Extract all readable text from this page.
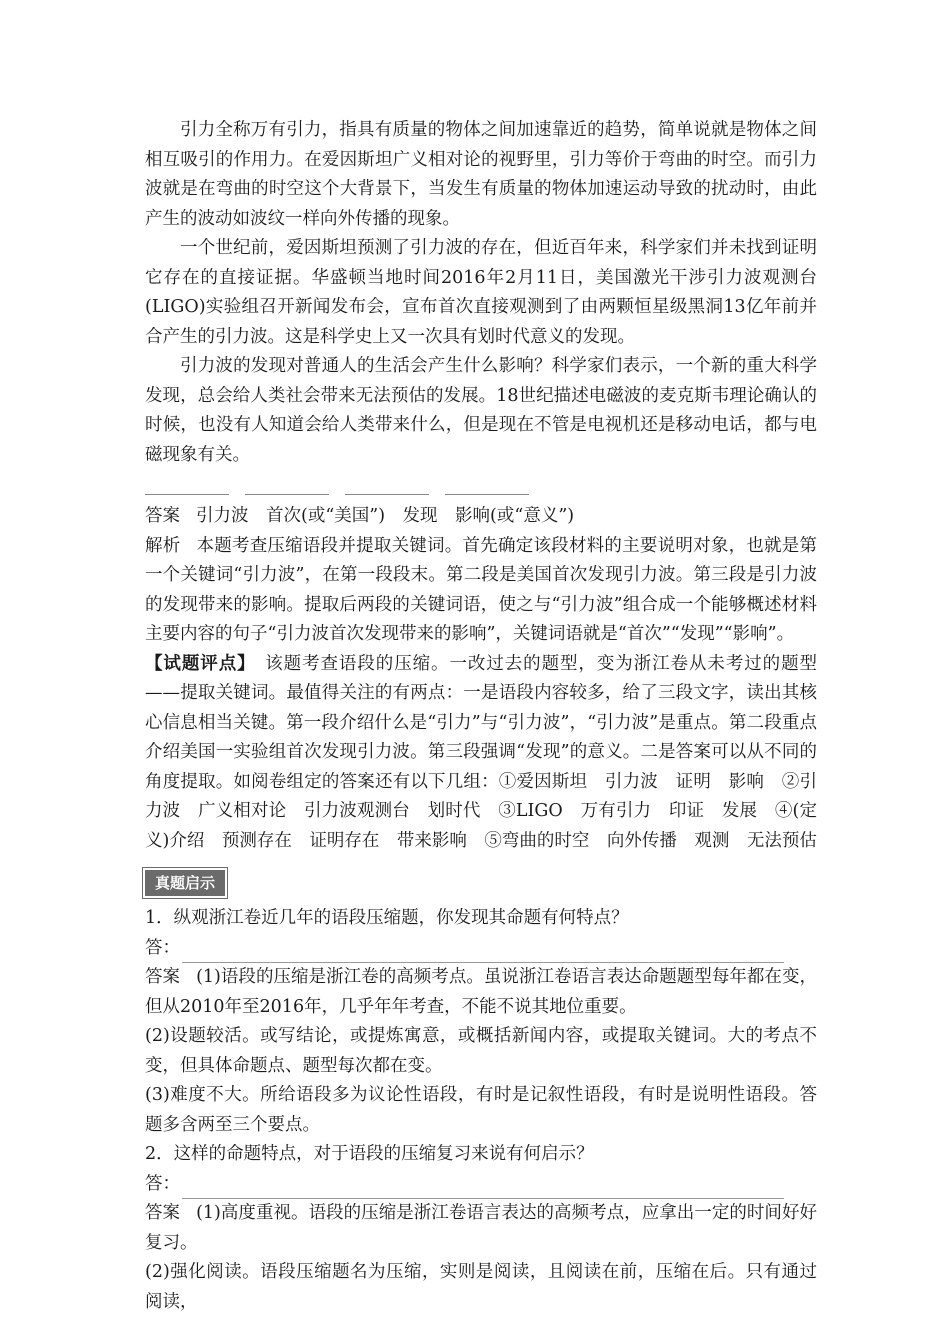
引力全称万有引力，指具有质量的物体之间加速靠近的趋势，简单说就是物体之间相互吸引的作用力。在爱因斯坦广义相对论的视野里，引力等价于弯曲的时空。而引力波就是在弯曲的时空这个大背景下，当发生有质量的物体加速运动导致的扰动时，由此产生的波动如波纹一样向外传播的现象。

一个世纪前，爱因斯坦预测了引力波的存在，但近百年来，科学家们并未找到证明它存在的直接证据。华盛顿当地时间2016年2月11日，美国激光干涉引力波观测台(LIGO)实验组召开新闻发布会，宣布首次直接观测到了由两颗恒星级黑洞13亿年前并合产生的引力波。这是科学史上又一次具有划时代意义的发现。

引力波的发现对普通人的生活会产生什么影响？科学家们表示，一个新的重大科学发现，总会给人类社会带来无法预估的发展。18世纪描述电磁波的麦克斯韦理论确认的时候，也没有人知道会给人类带来什么，但是现在不管是电视机还是移动电话，都与电磁现象有关。

答案 引力波　首次(或“美国”)　发现　影响(或“意义”)

解析 本题考查压缩语段并提取关键词。首先确定该段材料的主要说明对象，也就是第一个关键词“引力波”，在第一段段末。第二段是美国首次发现引力波。第三段是引力波的发现带来的影响。提取后两段的关键词语，使之与“引力波”组合成一个能够概述材料主要内容的句子“引力波首次发现带来的影响”，关键词语就是“首次”“发现”“影响”。

【试题评点】　 该题考查语段的压缩。一改过去的题型，变为浙江卷从未考过的题型——提取关键词。最值得关注的有两点：一是语段内容较多，给了三段文字，读出其核心信息相当关键。第一段介绍什么是“引力”与“引力波”，“引力波”是重点。第二段重点介绍美国一实验组首次发现引力波。第三段强调“发现”的意义。二是答案可以从不同的角度提取。如阅卷组定的答案还有以下几组：①爱因斯坦　引力波　证明　影响　②引力波　广义相对论　引力波观测台　划时代　③LIGO　万有引力　印证　发展　④(定义)介绍　预测存在　证明存在　带来影响　⑤弯曲的时空　向外传播　观测　无法预估

真题启示

1．纵观浙江卷近几年的语段压缩题，你发现其命题有何特点？

答：

答案 (1)语段的压缩是浙江卷的高频考点。虽说浙江卷语言表达命题题型每年都在变，但从2010年至2016年，几乎年年考查，不能不说其地位重要。

(2)设题较活。或写结论，或提炼寓意，或概括新闻内容，或提取关键词。大的考点不变，但具体命题点、题型每次都在变。

(3)难度不大。所给语段多为议论性语段，有时是记叙性语段，有时是说明性语段。答题多含两至三个要点。

2．这样的命题特点，对于语段的压缩复习来说有何启示？

答：

答案 (1)高度重视。语段的压缩是浙江卷语言表达的高频考点，应拿出一定的时间好好复习。

(2)强化阅读。语段压缩题名为压缩，实则是阅读，且阅读在前，压缩在后。只有通过阅读，
